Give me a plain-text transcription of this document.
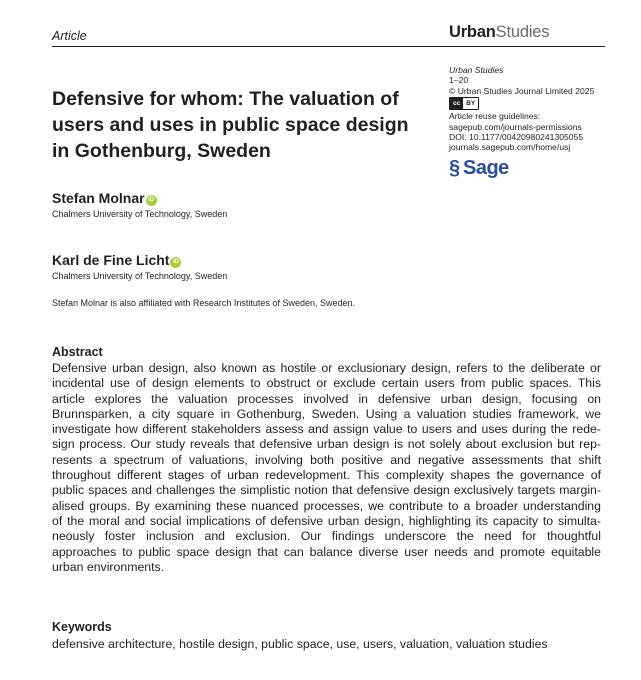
Article	UrbanStudies
Urban Studies
1–20
© Urban Studies Journal Limited 2025
cc BY
Article reuse guidelines:
sagepub.com/journals-permissions
DOI: 10.1177/00420980241305055
journals.sagepub.com/home/usj
§ Sage
Defensive for whom: The valuation of users and uses in public space design in Gothenburg, Sweden
Stefan Molnar iD
Chalmers University of Technology, Sweden
Karl de Fine Licht iD
Chalmers University of Technology, Sweden
Stefan Molnar is also affiliated with Research Institutes of Sweden, Sweden.
Abstract
Defensive urban design, also known as hostile or exclusionary design, refers to the deliberate or
incidental use of design elements to obstruct or exclude certain users from public spaces. This
article explores the valuation processes involved in defensive urban design, focusing on
Brunnsparken, a city square in Gothenburg, Sweden. Using a valuation studies framework, we
investigate how different stakeholders assess and assign value to users and uses during the rede-
sign process. Our study reveals that defensive urban design is not solely about exclusion but rep-
resents a spectrum of valuations, involving both positive and negative assessments that shift
throughout different stages of urban redevelopment. This complexity shapes the governance of
public spaces and challenges the simplistic notion that defensive design exclusively targets margin-
alised groups. By examining these nuanced processes, we contribute to a broader understanding
of the moral and social implications of defensive urban design, highlighting its capacity to simulta-
neously foster inclusion and exclusion. Our findings underscore the need for thoughtful
approaches to public space design that can balance diverse user needs and promote equitable
urban environments.
Keywords
defensive architecture, hostile design, public space, use, users, valuation, valuation studies
